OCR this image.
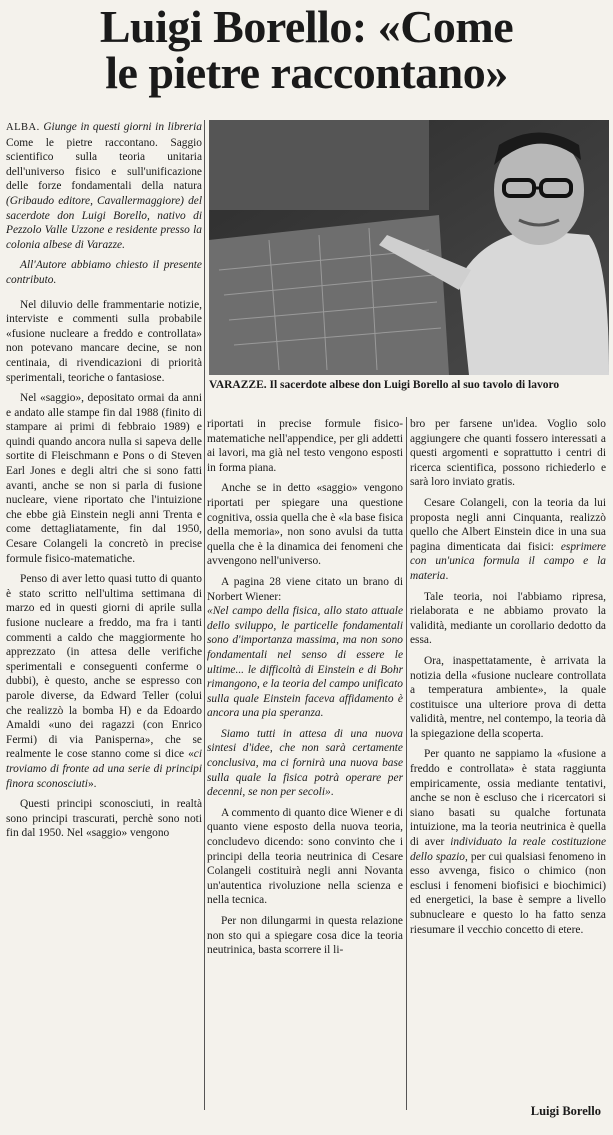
Luigi Borello: «Come
le pietre raccontano»

ALBA. Giunge in questi giorni in libreria Come le pietre raccontano. Saggio scientifico sulla teoria unitaria dell'universo fisico e sull'unificazione delle forze fondamentali della natura (Gribaudo editore, Cavallermaggiore) del sacerdote don Luigi Borello, nativo di Pezzolo Valle Uzzone e residente presso la colonia albese di Varazze.

All'Autore abbiamo chiesto il presente contributo.

Nel diluvio delle frammentarie notizie, interviste e commenti sulla probabile «fusione nucleare a freddo e controllata» non potevano mancare decine, se non centinaia, di rivendicazioni di priorità sperimentali, teoriche o fantasiose.

Nel «saggio», depositato ormai da anni e andato alle stampe fin dal 1988 (finito di stampare ai primi di febbraio 1989) e quindi quando ancora nulla si sapeva delle sortite di Fleischmann e Pons o di Steven Earl Jones e degli altri che si sono fatti avanti, anche se non si parla di fusione nucleare, viene riportato che l'intuizione che ebbe già Einstein negli anni Trenta e come dettagliatamente, fin dal 1950, Cesare Colangeli la concretò in precise formule fisico-matematiche.

Penso di aver letto quasi tutto di quanto è stato scritto nell'ultima settimana di marzo ed in questi giorni di aprile sulla fusione nucleare a freddo, ma fra i tanti commenti a caldo che maggiormente ho apprezzato (in attesa delle verifiche sperimentali e conseguenti conferme o dubbi), è questo, anche se espresso con parole diverse, da Edward Teller (colui che realizzò la bomba H) e da Edoardo Amaldi «uno dei ragazzi (con Enrico Fermi) di via Panisperna», che se realmente le cose stanno come si dice «ci troviamo di fronte ad una serie di principi finora sconosciuti».

Questi principi sconosciuti, in realtà sono principi trascurati, perchè sono noti fin dal 1950. Nel «saggio» vengono

VARAZZE. Il sacerdote albese don Luigi Borello al suo tavolo di lavoro

riportati in precise formule fisico-matematiche nell'appendice, per gli addetti ai lavori, ma già nel testo vengono esposti in forma piana.

Anche se in detto «saggio» vengono riportati per spiegare una questione cognitiva, ossia quella che è «la base fisica della memoria», non sono avulsi da tutta quella che è la dinamica dei fenomeni che avvengono nell'universo.

A pagina 28 viene citato un brano di Norbert Wiener:

«Nel campo della fisica, allo stato attuale dello sviluppo, le particelle fondamentali sono d'importanza massima, ma non sono fondamentali nel senso di essere le ultime... le difficoltà di Einstein e di Bohr rimangono, e la teoria del campo unificato sulla quale Einstein faceva affidamento è ancora una pia speranza.

Siamo tutti in attesa di una nuova sintesi d'idee, che non sarà certamente conclusiva, ma ci fornirà una nuova base sulla quale la fisica potrà operare per decenni, se non per secoli».

A commento di quanto dice Wiener e di quanto viene esposto della nuova teoria, concludevo dicendo: sono convinto che i principi della teoria neutrinica di Cesare Colangeli costituirà negli anni Novanta un'autentica rivoluzione nella scienza e nella tecnica.

Per non dilungarmi in questa relazione non sto qui a spiegare cosa dice la teoria neutrinica, basta scorrere il li-

bro per farsene un'idea. Voglio solo aggiungere che quanti fossero interessati a questi argomenti e soprattutto i centri di ricerca scientifica, possono richiederlo e sarà loro inviato gratis.

Cesare Colangeli, con la teoria da lui proposta negli anni Cinquanta, realizzò quello che Albert Einstein dice in una sua pagina dimenticata dai fisici: esprimere con un'unica formula il campo e la materia.

Tale teoria, noi l'abbiamo ripresa, rielaborata e ne abbiamo provato la validità, mediante un corollario dedotto da essa.

Ora, inaspettatamente, è arrivata la notizia della «fusione nucleare controllata a temperatura ambiente», la quale costituisce una ulteriore prova di detta validità, mentre, nel contempo, la teoria dà la spiegazione della scoperta.

Per quanto ne sappiamo la «fusione a freddo e controllata» è stata raggiunta empiricamente, ossia mediante tentativi, anche se non è escluso che i ricercatori si siano basati su qualche fortunata intuizione, ma la teoria neutrinica è quella di aver individuato la reale costituzione dello spazio, per cui qualsiasi fenomeno in esso avvenga, fisico o chimico (non esclusi i fenomeni biofisici e biochimici) ed energetici, la base è sempre a livello subnucleare e questo lo ha fatto senza riesumare il vecchio concetto di etere.

Luigi Borello
